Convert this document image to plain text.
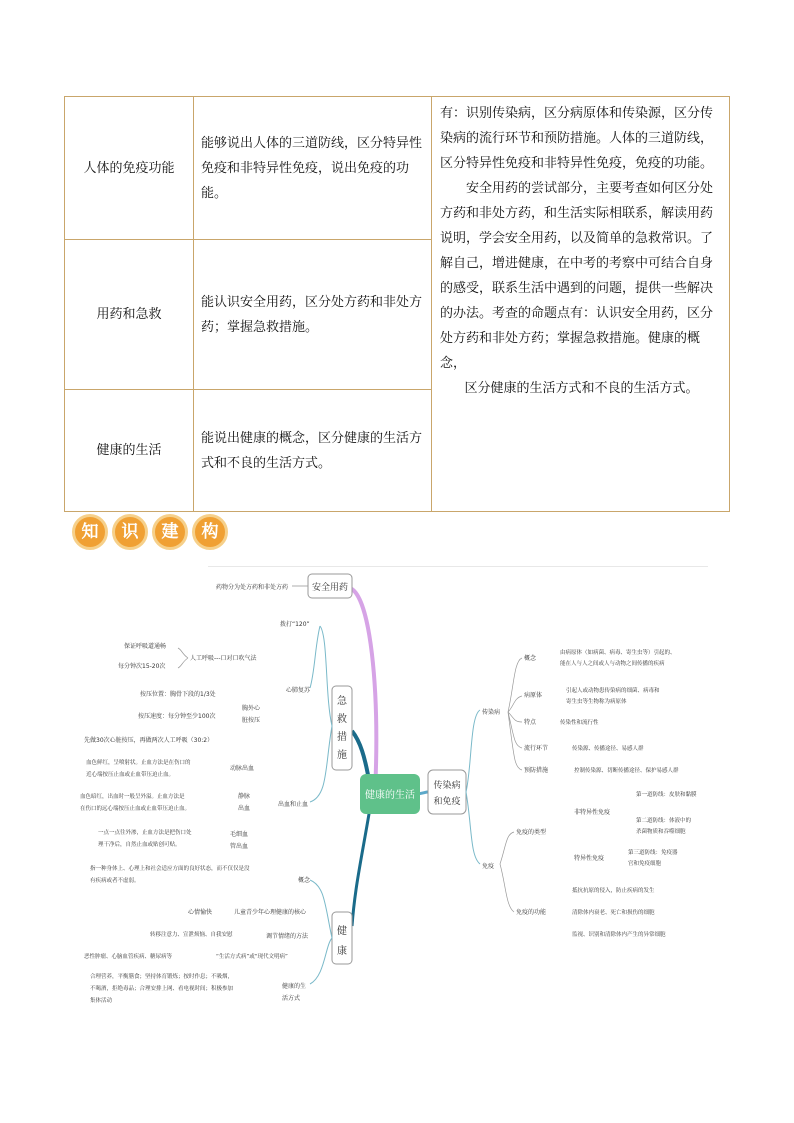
人体的免疫功能	能够说出人体的三道防线，区分特异性免疫和非特异性免疫，说出免疫的功能。	有：识别传染病，区分病原体和传染源，区分传染病的流行环节和预防措施。人体的三道防线，区分特异性免疫和非特异性免疫，免疫的功能。

安全用药的尝试部分，主要考查如何区分处方药和非处方药，和生活实际相联系，解读用药说明，学会安全用药，以及简单的急救常识。了解自己，增进健康，在中考的考察中可结合自身的感受，联系生活中遇到的问题，提供一些解决的办法。考查的命题点有：认识安全用药，区分处方药和非处方药；掌握急救措施。健康的概念，

区分健康的生活方式和不良的生活方式。

用药和急救	能认识安全用药，区分处方药和非处方药；掌握急救措施。	
健康的生活	能说出健康的概念，区分健康的生活方式和不良的生活方式。	
知	识	建	构
健康的生活
安全用药
药物分为处方药和非处方药
急
救
措
施
拨打“120”
心肺复苏
人工呼吸---口对口吹气法
保证呼吸道通畅
每分钟次15-20次
胸外心
脏按压
按压位置：胸骨下段的1/3处
按压速度：每分钟至少100次
先做30次心脏按压，再做两次人工呼吸（30:2）
出血和止血
动脉出血
血色鲜红，呈喷射状。止血方法是在伤口的
近心端按压止血或止血带压迫止血。
静脉
出血
血色暗红，出血时一般呈外溢。止血方法是
在伤口的远心端按压止血或止血带压迫止血。
毛细血
管出血
一点一点往外渗，止血方法是把伤口处
理干净后，自然止血或贴创可贴。
健
康
概念
指一种身体上、心理上和社会适应方面的良好状态，而不仅仅是没
有疾病或者不虚弱。
儿童青少年心理健康的核心
心情愉快
调节情绪的方法
转移注意力、宣泄烦恼、自我安慰
“生活方式病”或“现代文明病”
恶性肿瘤、心脑血管疾病、糖尿病等
健康的生
活方式
合理营养，平衡膳食；坚持体育锻炼；按时作息；不吸烟，
不喝酒，拒绝毒品；合理安排上网、看电视时间；积极参加
集体活动
传染病
和免疫
传染病
概念
由病原体（如病菌、病毒、寄生虫等）引起的、
能在人与人之间或人与动物之间传播的疾病
病原体
引起人或动物患传染病的细菌、病毒和
寄生虫等生物称为病原体
特点	传染性和流行性
流行环节	传染源、传播途径、易感人群
预防措施	控制传染源、切断传播途径、保护易感人群
免疫
免疫的类型
非特异性免疫
第一道防线：皮肤和黏膜
第二道防线：体液中的
杀菌物质和吞噬细胞
特异性免疫
第三道防线：免疫器
官和免疫细胞
免疫的功能
抵抗抗原的侵入，防止疾病的发生
清除体内衰老、死亡和损伤的细胞
监视、识别和清除体内产生的异常细胞
